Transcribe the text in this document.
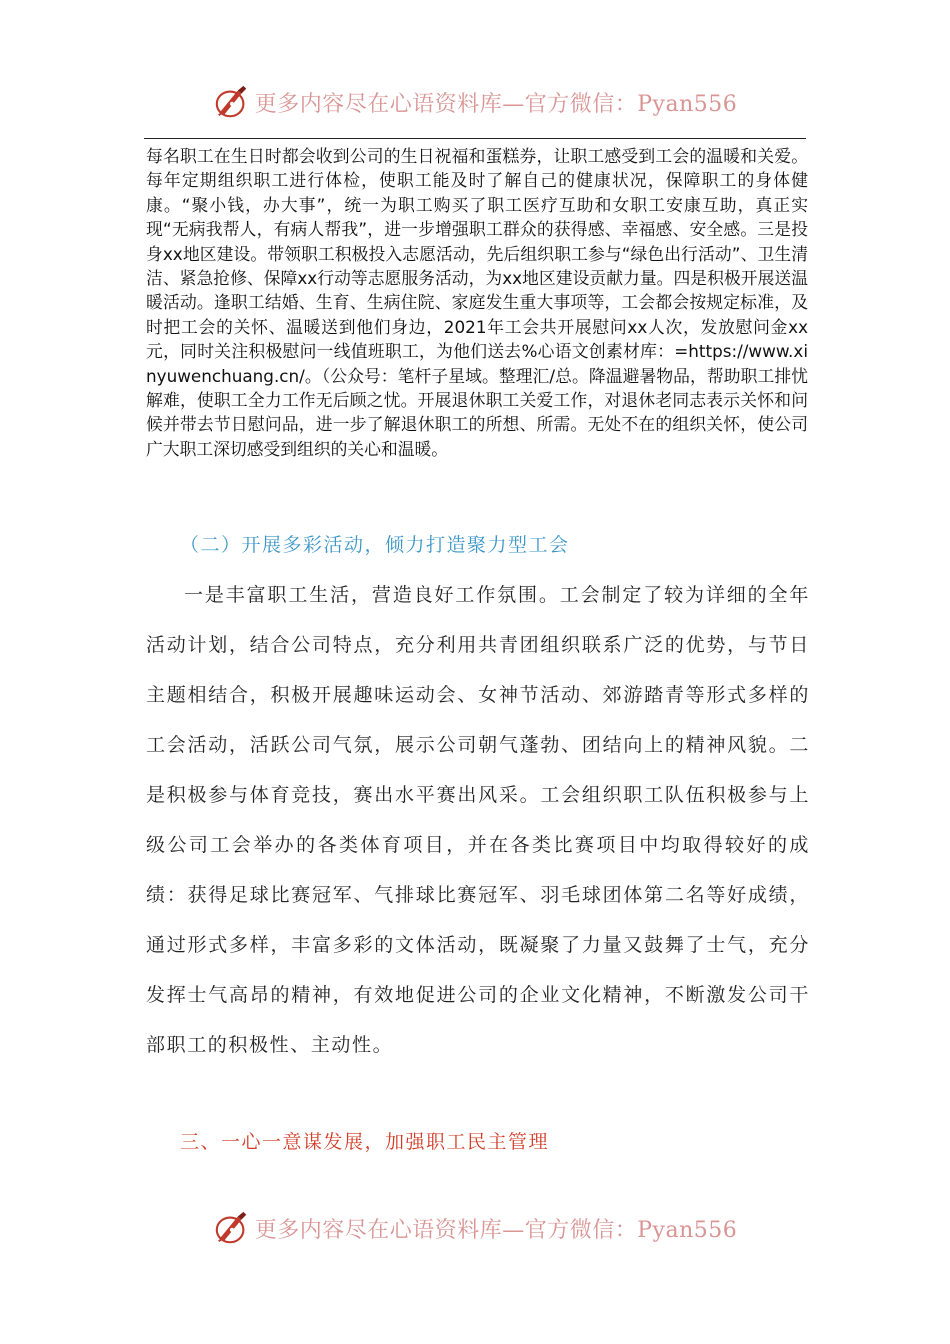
更多内容尽在心语资料库—官方微信：Pyan556

每名职工在生日时都会收到公司的生日祝福和蛋糕券，让职工感受到工会的温暖和关爱。每年定期组织职工进行体检，使职工能及时了解自己的健康状况，保障职工的身体健康。“聚小钱，办大事”，统一为职工购买了职工医疗互助和女职工安康互助，真正实现“无病我帮人，有病人帮我”，进一步增强职工群众的获得感、幸福感、安全感。三是投身xx地区建设。带领职工积极投入志愿活动，先后组织职工参与“绿色出行活动”、卫生清洁、紧急抢修、保障xx行动等志愿服务活动，为xx地区建设贡献力量。四是积极开展送温暖活动。逢职工结婚、生育、生病住院、家庭发生重大事项等，工会都会按规定标准，及时把工会的关怀、温暖送到他们身边，2021年工会共开展慰问xx人次，发放慰问金xx元，同时关注积极慰问一线值班职工，为他们送去%心语文创素材库：=https://www.xinyuwenchuang.cn/。（公众号：笔杆子星域。整理汇/总。降温避暑物品，帮助职工排忧解难，使职工全力工作无后顾之忧。开展退休职工关爱工作，对退休老同志表示关怀和问候并带去节日慰问品，进一步了解退休职工的所想、所需。无处不在的组织关怀，使公司广大职工深切感受到组织的关心和温暖。

（二）开展多彩活动，倾力打造聚力型工会

一是丰富职工生活，营造良好工作氛围。工会制定了较为详细的全年活动计划，结合公司特点，充分利用共青团组织联系广泛的优势，与节日主题相结合，积极开展趣味运动会、女神节活动、郊游踏青等形式多样的工会活动，活跃公司气氛，展示公司朝气蓬勃、团结向上的精神风貌。二是积极参与体育竞技，赛出水平赛出风采。工会组织职工队伍积极参与上级公司工会举办的各类体育项目，并在各类比赛项目中均取得较好的成绩：获得足球比赛冠军、气排球比赛冠军、羽毛球团体第二名等好成绩，通过形式多样，丰富多彩的文体活动，既凝聚了力量又鼓舞了士气，充分发挥士气高昂的精神，有效地促进公司的企业文化精神，不断激发公司干部职工的积极性、主动性。

三、一心一意谋发展，加强职工民主管理

更多内容尽在心语资料库—官方微信：Pyan556
